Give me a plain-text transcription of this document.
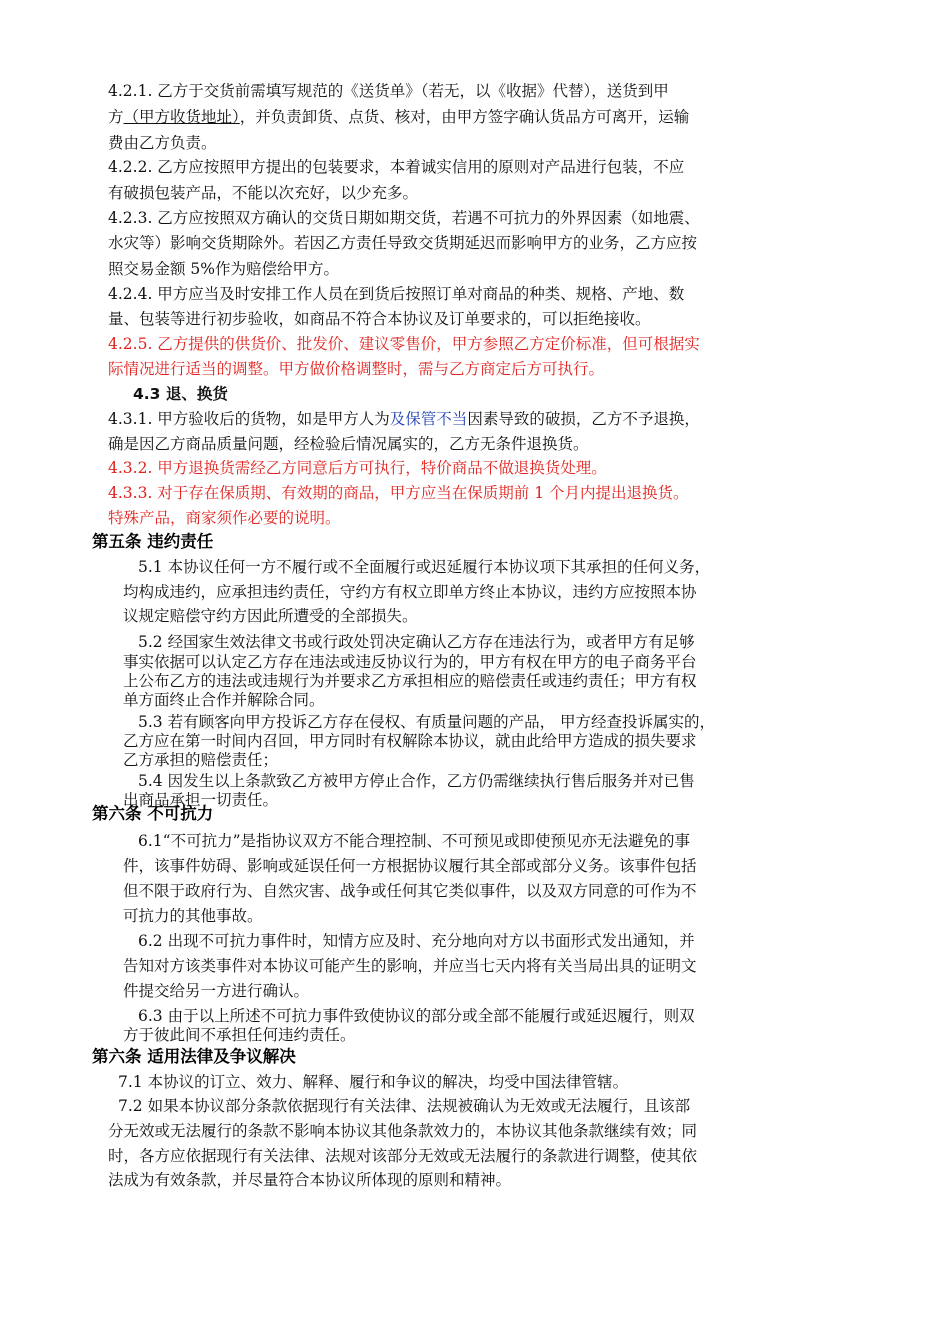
4.2.1. 乙方于交货前需填写规范的《送货单》（若无，以《收据》代替），送货到甲
方（甲方收货地址），并负责卸货、点货、核对，由甲方签字确认货品方可离开，运输
费由乙方负责。
4.2.2. 乙方应按照甲方提出的包装要求，本着诚实信用的原则对产品进行包装，不应
有破损包装产品，不能以次充好，以少充多。
4.2.3. 乙方应按照双方确认的交货日期如期交货，若遇不可抗力的外界因素（如地震、
水灾等）影响交货期除外。若因乙方责任导致交货期延迟而影响甲方的业务，乙方应按
照交易金额 5%作为赔偿给甲方。
4.2.4. 甲方应当及时安排工作人员在到货后按照订单对商品的种类、规格、产地、数
量、包装等进行初步验收，如商品不符合本协议及订单要求的，可以拒绝接收。
4.2.5. 乙方提供的供货价、批发价、建议零售价，甲方参照乙方定价标准，但可根据实
际情况进行适当的调整。甲方做价格调整时，需与乙方商定后方可执行。
4.3 退、换货
4.3.1. 甲方验收后的货物，如是甲方人为及保管不当因素导致的破损，乙方不予退换，
确是因乙方商品质量问题，经检验后情况属实的，乙方无条件退换货。
4.3.2. 甲方退换货需经乙方同意后方可执行，特价商品不做退换货处理。
4.3.3. 对于存在保质期、有效期的商品，甲方应当在保质期前 1 个月内提出退换货。
特殊产品，商家须作必要的说明。
第五条 违约责任
5.1 本协议任何一方不履行或不全面履行或迟延履行本协议项下其承担的任何义务，
均构成违约，应承担违约责任，守约方有权立即单方终止本协议，违约方应按照本协
议规定赔偿守约方因此所遭受的全部损失。
5.2 经国家生效法律文书或行政处罚决定确认乙方存在违法行为，或者甲方有足够
事实依据可以认定乙方存在违法或违反协议行为的，甲方有权在甲方的电子商务平台
上公布乙方的违法或违规行为并要求乙方承担相应的赔偿责任或违约责任；甲方有权
单方面终止合作并解除合同。
5.3 若有顾客向甲方投诉乙方存在侵权、有质量问题的产品， 甲方经查投诉属实的，
乙方应在第一时间内召回，甲方同时有权解除本协议，就由此给甲方造成的损失要求
乙方承担的赔偿责任；
5.4 因发生以上条款致乙方被甲方停止合作，乙方仍需继续执行售后服务并对已售
出商品承担一切责任。
第六条 不可抗力
6.1“不可抗力”是指协议双方不能合理控制、不可预见或即使预见亦无法避免的事
件，该事件妨碍、影响或延误任何一方根据协议履行其全部或部分义务。该事件包括
但不限于政府行为、自然灾害、战争或任何其它类似事件，以及双方同意的可作为不
可抗力的其他事故。
6.2 出现不可抗力事件时，知情方应及时、充分地向对方以书面形式发出通知，并
告知对方该类事件对本协议可能产生的影响，并应当七天内将有关当局出具的证明文
件提交给另一方进行确认。
6.3 由于以上所述不可抗力事件致使协议的部分或全部不能履行或延迟履行，则双
方于彼此间不承担任何违约责任。
第六条 适用法律及争议解决
7.1 本协议的订立、效力、解释、履行和争议的解决，均受中国法律管辖。
7.2 如果本协议部分条款依据现行有关法律、法规被确认为无效或无法履行，且该部
分无效或无法履行的条款不影响本协议其他条款效力的，本协议其他条款继续有效；同
时，各方应依据现行有关法律、法规对该部分无效或无法履行的条款进行调整，使其依
法成为有效条款，并尽量符合本协议所体现的原则和精神。
